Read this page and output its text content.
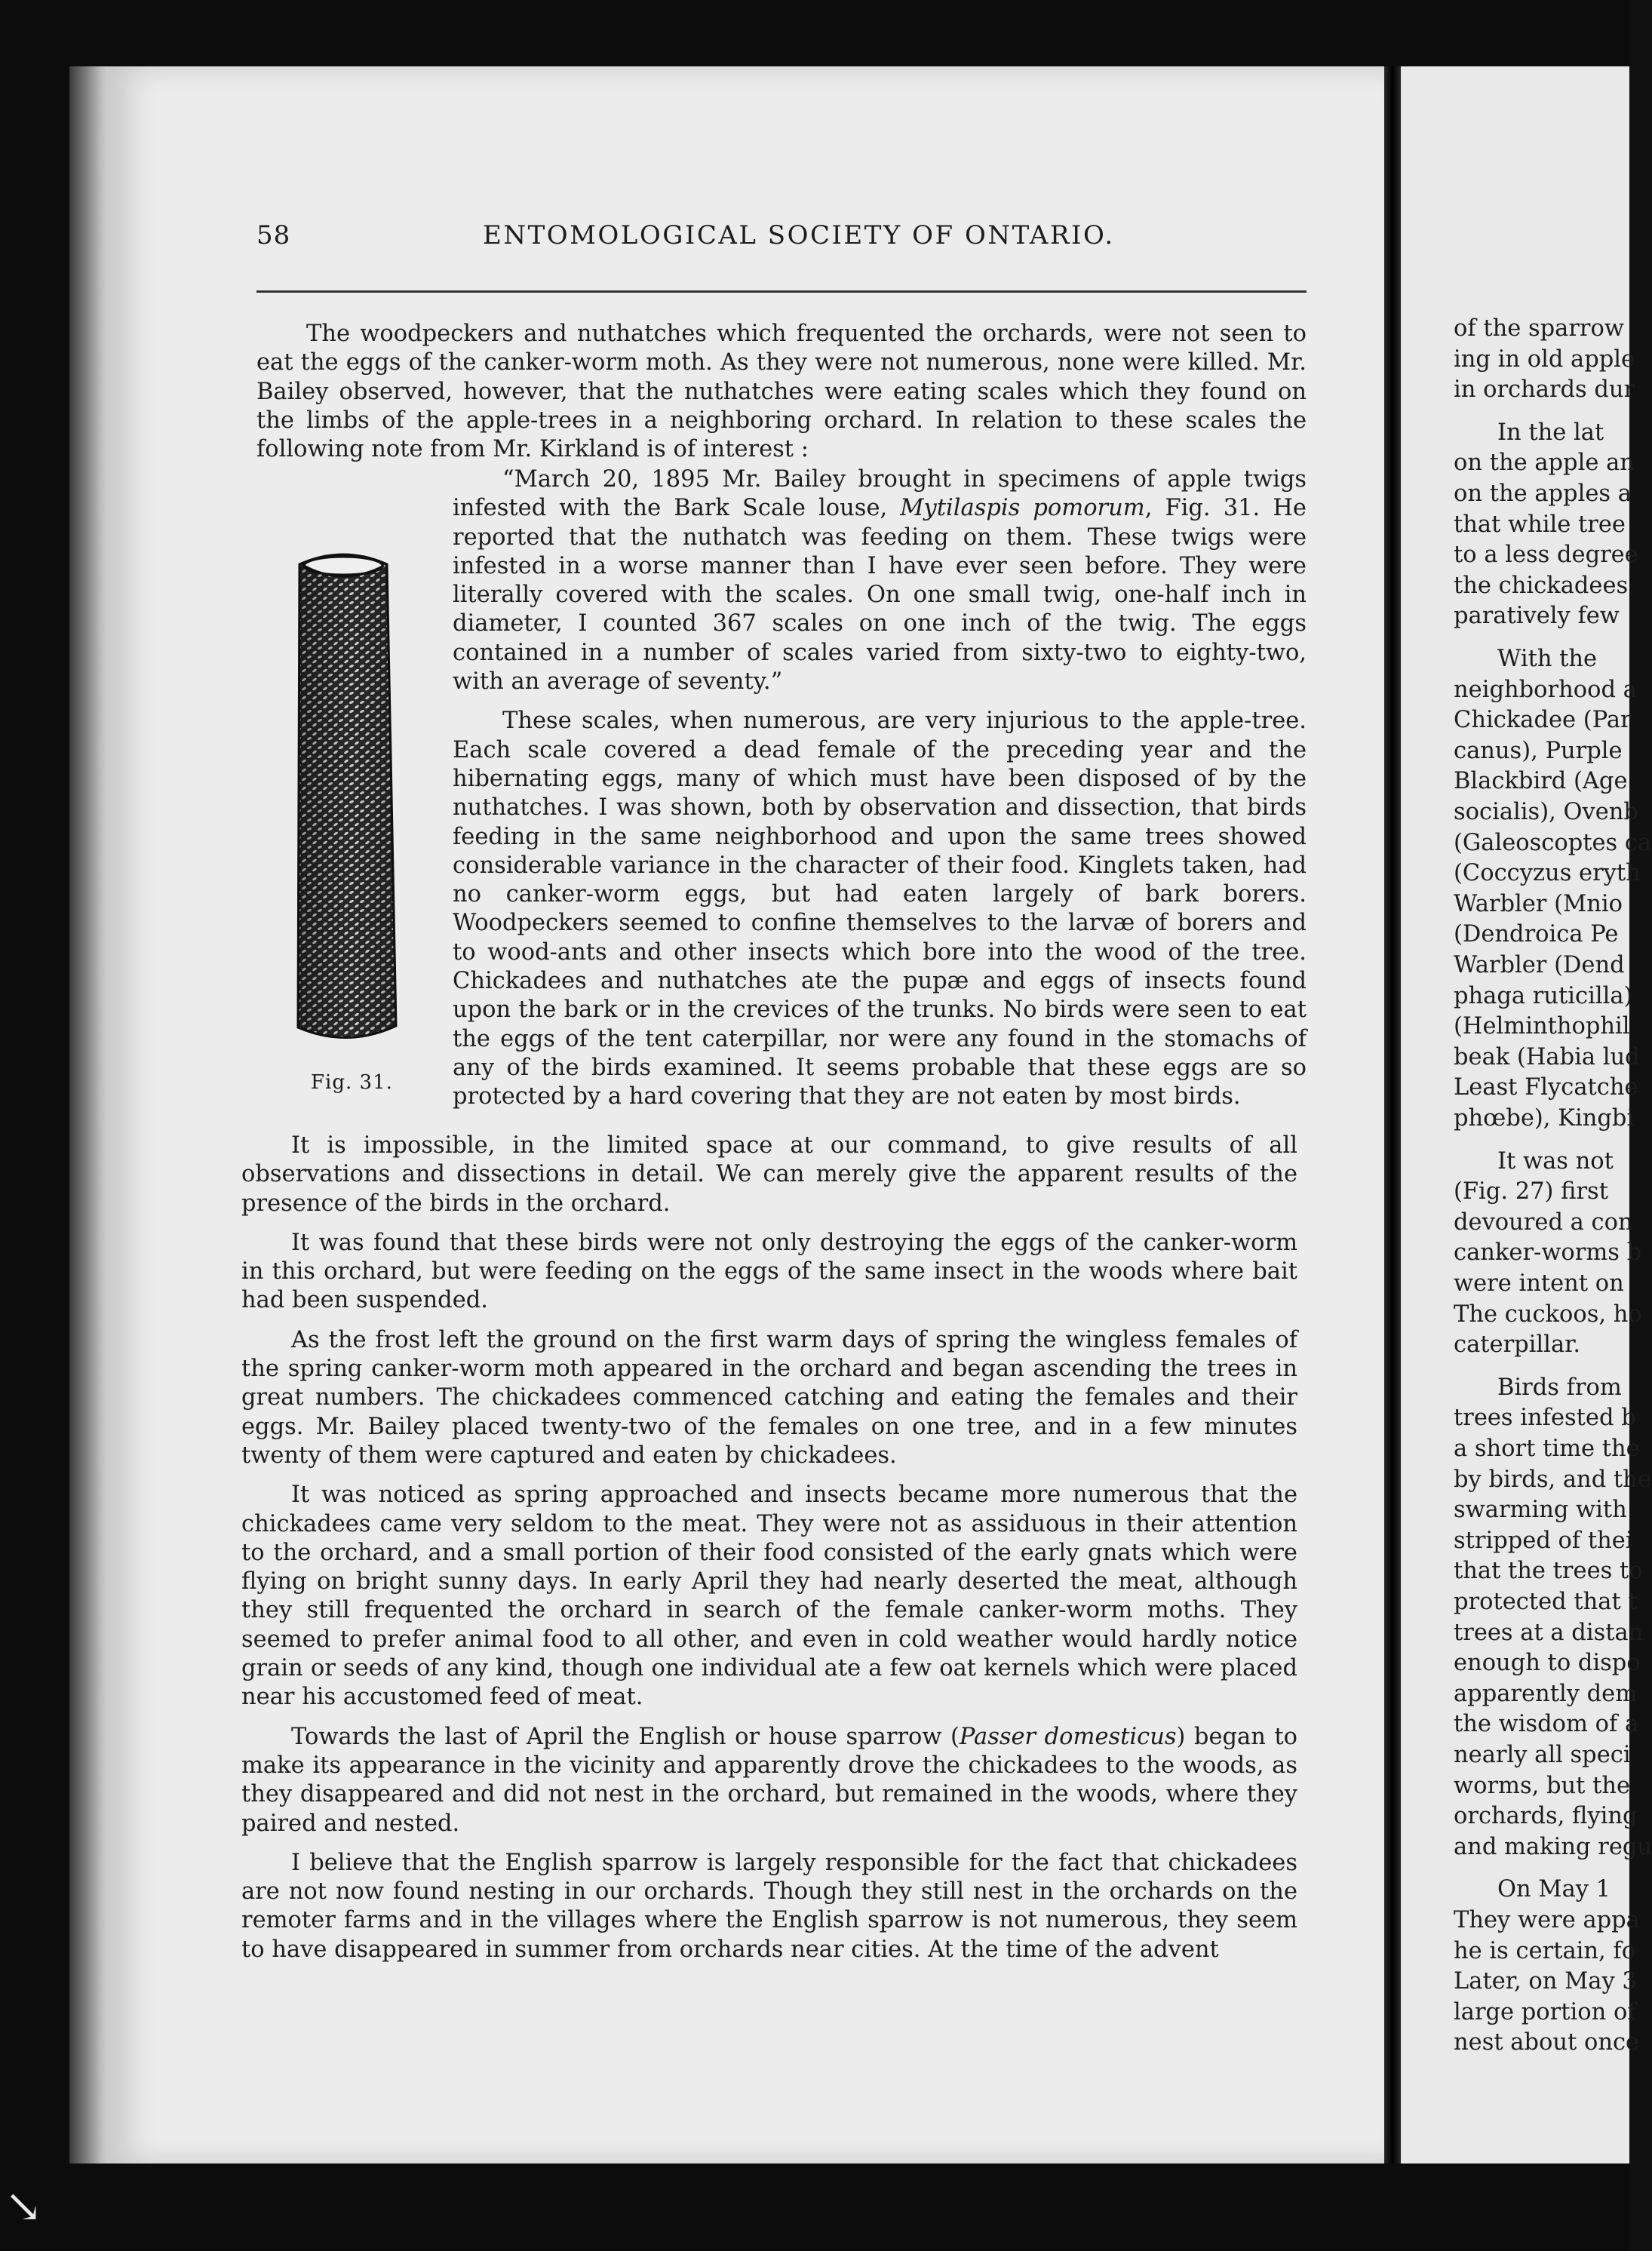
of the sparrow
ing in old apple
in orchards dur
In the lat
on the apple an
on the apples a
that while tree
to a less degree
the chickadees
paratively few
With the
neighborhood a
Chickadee (Par
canus), Purple
Blackbird (Age
socialis), Ovenb
(Galeoscoptes ca
(Coccyzus eryth
Warbler (Mnio
(Dendroica Pe
Warbler (Dend
phaga ruticilla)
(Helminthophil
beak (Habia lud
Least Flycatche
phœbe), Kingbi
It was not
(Fig. 27) first
devoured a con
canker-worms b
were intent on
The cuckoos, ho
caterpillar.
Birds from
trees infested b
a short time the
by birds, and the
swarming with
stripped of thei
that the trees to
protected that t
trees at a distan
enough to dispo
apparently dem
the wisdom of a
nearly all speci
worms, but the
orchards, flying
and making regu
On May 1
They were appa
he is certain, fo
Later, on May 3
large portion of
nest about once
58	ENTOMOLOGICAL SOCIETY OF ONTARIO.

The woodpeckers and nuthatches which frequented the orchards, were not seen to eat the eggs of the canker-worm moth. As they were not numerous, none were killed. Mr. Bailey observed, however, that the nuthatches were eating scales which they found on the limbs of the apple-trees in a neighboring orchard. In relation to these scales the following note from Mr. Kirkland is of interest :

Fig. 31.

“March 20, 1895 Mr. Bailey brought in specimens of apple twigs infested with the Bark Scale louse, Mytilaspis pomorum, Fig. 31. He reported that the nuthatch was feeding on them. These twigs were infested in a worse manner than I have ever seen before. They were literally covered with the scales. On one small twig, one-half inch in diameter, I counted 367 scales on one inch of the twig. The eggs contained in a number of scales varied from sixty-two to eighty-two, with an average of seventy.”

These scales, when numerous, are very injurious to the apple-tree. Each scale covered a dead female of the preceding year and the hibernating eggs, many of which must have been disposed of by the nuthatches. I was shown, both by observation and dissection, that birds feeding in the same neighborhood and upon the same trees showed considerable variance in the character of their food. Kinglets taken, had no canker-worm eggs, but had eaten largely of bark borers. Woodpeckers seemed to confine themselves to the larvæ of borers and to wood-ants and other insects which bore into the wood of the tree. Chickadees and nuthatches ate the pupæ and eggs of insects found upon the bark or in the crevices of the trunks. No birds were seen to eat the eggs of the tent caterpillar, nor were any found in the stomachs of any of the birds examined. It seems probable that these eggs are so protected by a hard covering that they are not eaten by most birds.

It is impossible, in the limited space at our command, to give results of all observations and dissections in detail. We can merely give the apparent results of the presence of the birds in the orchard.

It was found that these birds were not only destroying the eggs of the canker-worm in this orchard, but were feeding on the eggs of the same insect in the woods where bait had been suspended.

As the frost left the ground on the first warm days of spring the wingless females of the spring canker-worm moth appeared in the orchard and began ascending the trees in great numbers. The chickadees commenced catching and eating the females and their eggs. Mr. Bailey placed twenty-two of the females on one tree, and in a few minutes twenty of them were captured and eaten by chickadees.

It was noticed as spring approached and insects became more numerous that the chickadees came very seldom to the meat. They were not as assiduous in their attention to the orchard, and a small portion of their food consisted of the early gnats which were flying on bright sunny days. In early April they had nearly deserted the meat, although they still frequented the orchard in search of the female canker-worm moths. They seemed to prefer animal food to all other, and even in cold weather would hardly notice grain or seeds of any kind, though one individual ate a few oat kernels which were placed near his accustomed feed of meat.

Towards the last of April the English or house sparrow (Passer domesticus) began to make its appearance in the vicinity and apparently drove the chickadees to the woods, as they disappeared and did not nest in the orchard, but remained in the woods, where they paired and nested.

I believe that the English sparrow is largely responsible for the fact that chickadees are not now found nesting in our orchards. Though they still nest in the orchards on the remoter farms and in the villages where the English sparrow is not numerous, they seem to have disappeared in summer from orchards near cities. At the time of the advent

↘
